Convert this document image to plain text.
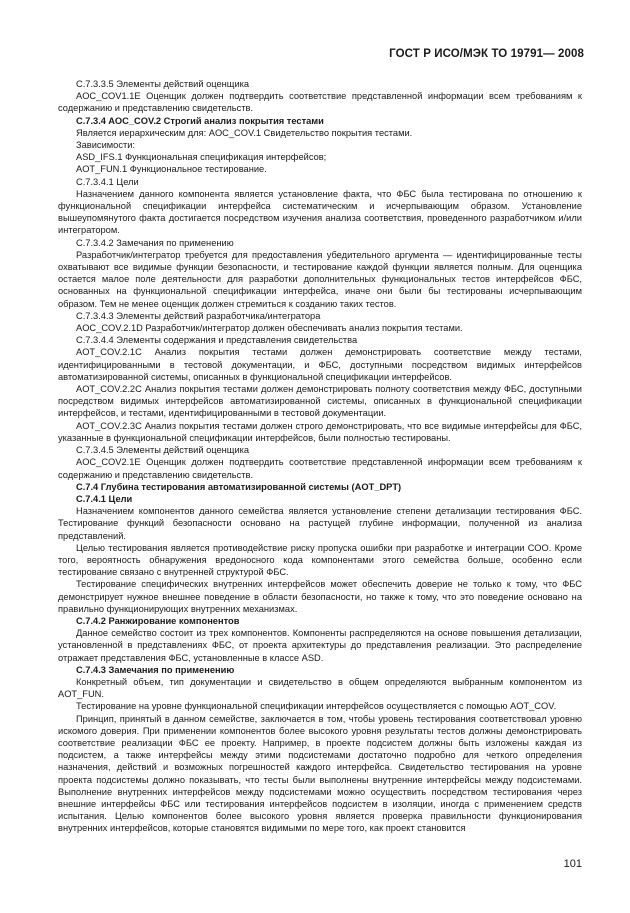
ГОСТ Р ИСО/МЭК ТО 19791— 2008

C.7.3.3.5 Элементы действий оценщика

AOC_COV1.1E Оценщик должен подтвердить соответствие представленной информации всем требованиям к содержанию и представлению свидетельств.

C.7.3.4 AOC_COV.2 Строгий анализ покрытия тестами

Является иерархическим для: AOC_COV.1 Свидетельство покрытия тестами.

Зависимости:

ASD_IFS.1 Функциональная спецификация интерфейсов;

AOT_FUN.1 Функциональное тестирование.

C.7.3.4.1 Цели

Назначением данного компонента является установление факта, что ФБС была тестирована по отношению к функциональной спецификации интерфейса систематическим и исчерпывающим образом. Установление вышеупомянутого факта достигается посредством изучения анализа соответствия, проведенного разработчиком и/или интегратором.

C.7.3.4.2 Замечания по применению

Разработчик/интегратор требуется для предоставления убедительного аргумента — идентифицированные тесты охватывают все видимые функции безопасности, и тестирование каждой функции является полным. Для оценщика остается малое поле деятельности для разработки дополнительных функциональных тестов интерфейсов ФБС, основанных на функциональной спецификации интерфейса, иначе они были бы тестированы исчерпывающим образом. Тем не менее оценщик должен стремиться к созданию таких тестов.

C.7.3.4.3 Элементы действий разработчика/интегратора

AOC_COV.2.1D Разработчик/интегратор должен обеспечивать анализ покрытия тестами.

C.7.3.4.4 Элементы содержания и представления свидетельства

AOT_COV.2.1C Анализ покрытия тестами должен демонстрировать соответствие между тестами, идентифицированными в тестовой документации, и ФБС, доступными посредством видимых интерфейсов автоматизированной системы, описанных в функциональной спецификации интерфейсов.

AOT_COV.2.2C Анализ покрытия тестами должен демонстрировать полноту соответствия между ФБС, доступными посредством видимых интерфейсов автоматизированной системы, описанных в функциональной спецификации интерфейсов, и тестами, идентифицированными в тестовой документации.

AOT_COV.2.3C Анализ покрытия тестами должен строго демонстрировать, что все видимые интерфейсы для ФБС, указанные в функциональной спецификации интерфейсов, были полностью тестированы.

C.7.3.4.5 Элементы действий оценщика

AOC_COV2.1E Оценщик должен подтвердить соответствие представленной информации всем требованиям к содержанию и представлению свидетельств.

C.7.4 Глубина тестирования автоматизированной системы (AOT_DPT)

C.7.4.1 Цели

Назначением компонентов данного семейства является установление степени детализации тестирования ФБС. Тестирование функций безопасности основано на растущей глубине информации, полученной из анализа представлений.

Целью тестирования является противодействие риску пропуска ошибки при разработке и интеграции СОО. Кроме того, вероятность обнаружения вредоносного кода компонентами этого семейства больше, особенно если тестирование связано с внутренней структурой ФБС.

Тестирование специфических внутренних интерфейсов может обеспечить доверие не только к тому, что ФБС демонстрирует нужное внешнее поведение в области безопасности, но также к тому, что это поведение основано на правильно функционирующих внутренних механизмах.

C.7.4.2 Ранжирование компонентов

Данное семейство состоит из трех компонентов. Компоненты распределяются на основе повышения детализации, установленной в представлениях ФБС, от проекта архитектуры до представления реализации. Это распределение отражает представления ФБС, установленные в классе ASD.

C.7.4.3 Замечания по применению

Конкретный объем, тип документации и свидетельство в общем определяются выбранным компонентом из AOT_FUN.

Тестирование на уровне функциональной спецификации интерфейсов осуществляется с помощью AOT_COV.

Принцип, принятый в данном семействе, заключается в том, чтобы уровень тестирования соответствовал уровню искомого доверия. При применении компонентов более высокого уровня результаты тестов должны демонстрировать соответствие реализации ФБС ее проекту. Например, в проекте подсистем должны быть изложены каждая из подсистем, а также интерфейсы между этими подсистемами достаточно подробно для четкого определения назначения, действий и возможных погрешностей каждого интерфейса. Свидетельство тестирования на уровне проекта подсистемы должно показывать, что тесты были выполнены внутренние интерфейсы между подсистемами. Выполнение внутренних интерфейсов между подсистемами можно осуществить посредством тестирования через внешние интерфейсы ФБС или тестирования интерфейсов подсистем в изоляции, иногда с применением средств испытания. Целью компонентов более высокого уровня является проверка правильности функционирования внутренних интерфейсов, которые становятся видимыми по мере того, как проект становится

101
